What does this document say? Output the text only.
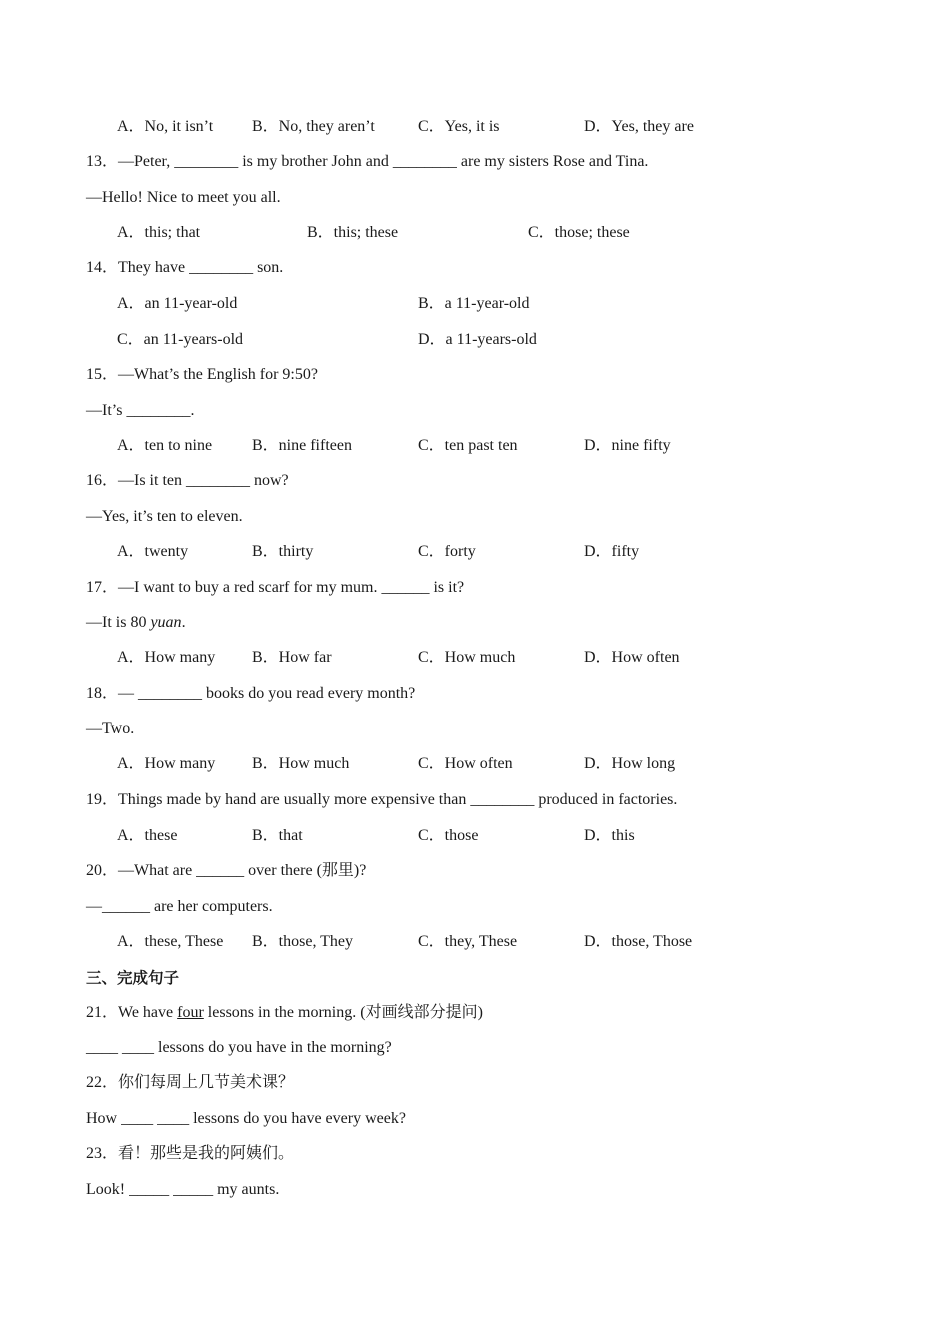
A．No, it isn’t B．No, they aren’t	C．Yes, it is	D．Yes, they are
13．—Peter, ________ is my brother John and ________ are my sisters Rose and Tina.
—Hello! Nice to meet you all.
A．this; that	B．this; these	C．those; these
14．They have ________ son.
A．an 11-year-old	B．a 11-year-old
C．an 11-years-old	D．a 11-years-old
15．—What’s the English for 9:50?
—It’s ________.
A．ten to nine B．nine fifteen	C．ten past ten	D．nine fifty
16．—Is it ten ________ now?
—Yes, it’s ten to eleven.
A．twenty	B．thirty	C．forty	D．fifty
17．—I want to buy a red scarf for my mum. ______ is it?
—It is 80 yuan.
A．How many B．How far	C．How much	D．How often
18．— ________ books do you read every month?
—Two.
A．How many B．How much	C．How often	D．How long
19．Things made by hand are usually more expensive than ________ produced in factories.
A．these	B．that	C．those	D．this
20．—What are ______ over there (那里)?
—______ are her computers.
A．these, These B．those, They	C．they, These	D．those, Those
三、完成句子
21．We have four lessons in the morning. (对画线部分提问)
____ ____ lessons do you have in the morning?
22．你们每周上几节美术课？
How ____ ____ lessons do you have every week?
23．看！那些是我的阿姨们。
Look! _____ _____ my aunts.
